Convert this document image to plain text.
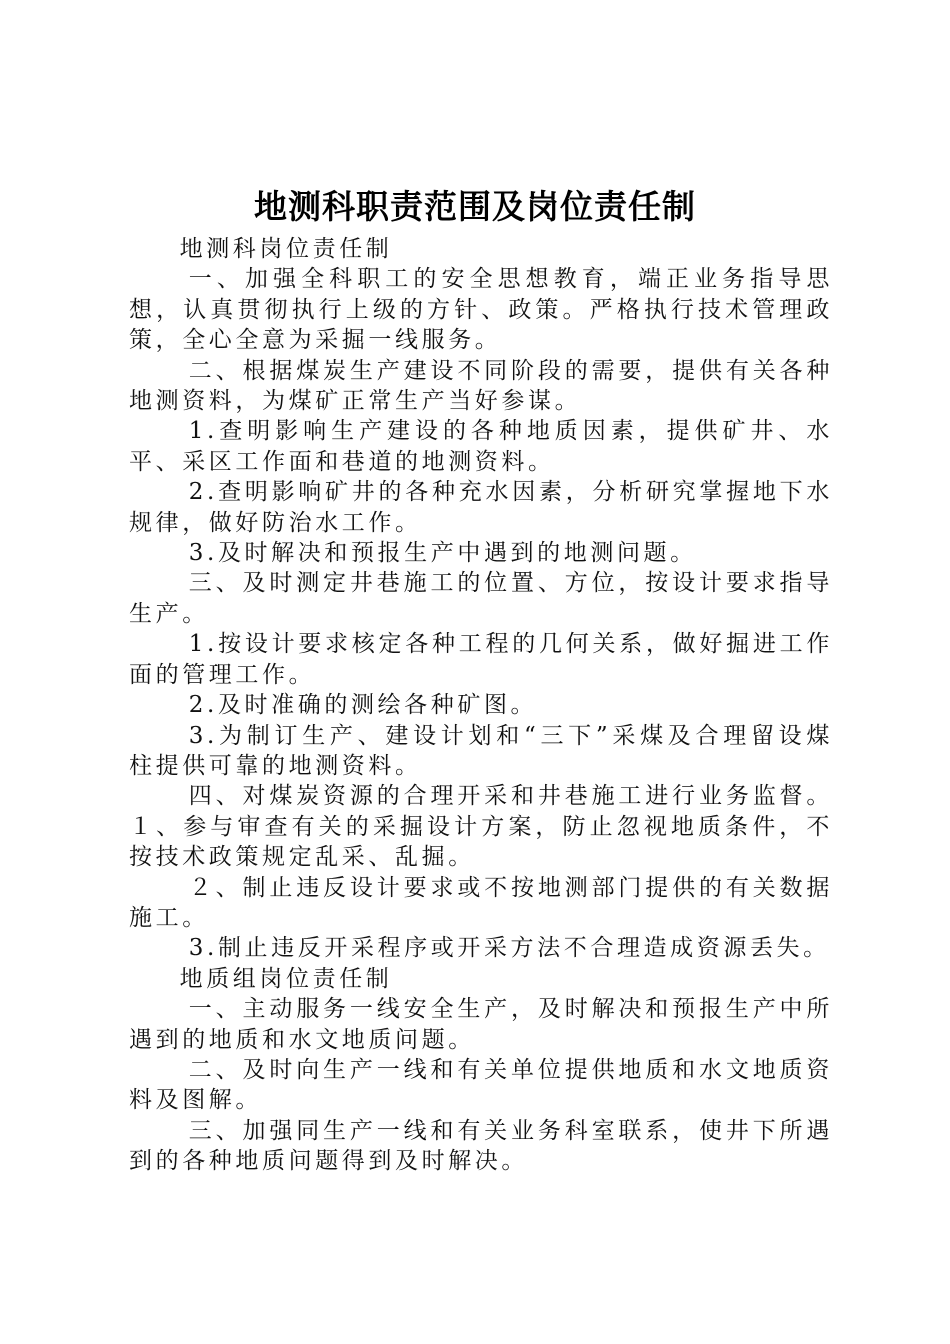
地测科职责范围及岗位责任制

地测科岗位责任制

一、加强全科职工的安全思想教育，端正业务指导思想，认真贯彻执行上级的方针、政策。严格执行技术管理政策，全心全意为采掘一线服务。

二、根据煤炭生产建设不同阶段的需要，提供有关各种地测资料，为煤矿正常生产当好参谋。

1.查明影响生产建设的各种地质因素，提供矿井、水平、采区工作面和巷道的地测资料。

2.查明影响矿井的各种充水因素，分析研究掌握地下水规律，做好防治水工作。

3.及时解决和预报生产中遇到的地测问题。

三、及时测定井巷施工的位置、方位，按设计要求指导生产。

1.按设计要求核定各种工程的几何关系，做好掘进工作面的管理工作。

2.及时准确的测绘各种矿图。

3.为制订生产、建设计划和“三下”采煤及合理留设煤柱提供可靠的地测资料。

四、对煤炭资源的合理开采和井巷施工进行业务监督。１、参与审查有关的采掘设计方案，防止忽视地质条件，不按技术政策规定乱采、乱掘。

２、制止违反设计要求或不按地测部门提供的有关数据施工。

3.制止违反开采程序或开采方法不合理造成资源丢失。

地质组岗位责任制

一、主动服务一线安全生产，及时解决和预报生产中所遇到的地质和水文地质问题。

二、及时向生产一线和有关单位提供地质和水文地质资料及图解。

三、加强同生产一线和有关业务科室联系，使井下所遇到的各种地质问题得到及时解决。
